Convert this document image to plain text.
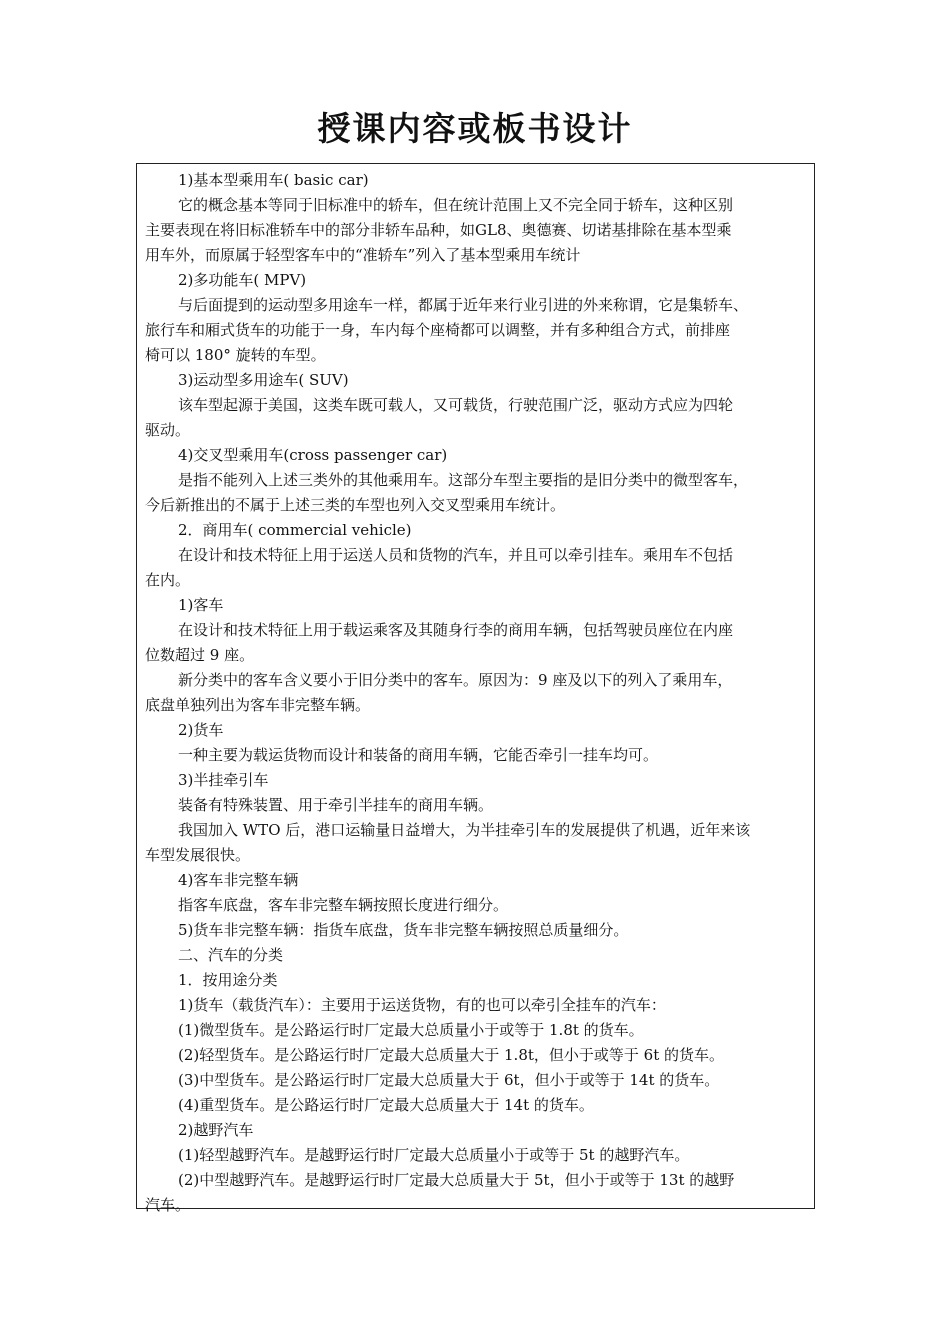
授课内容或板书设计
1)基本型乘用车( basic car)
它的概念基本等同于旧标准中的轿车，但在统计范围上又不完全同于轿车，这种区别
主要表现在将旧标准轿车中的部分非轿车品种，如GL8、奥德赛、切诺基排除在基本型乘
用车外，而原属于轻型客车中的“准轿车”列入了基本型乘用车统计
2)多功能车( MPV)
与后面提到的运动型多用途车一样，都属于近年来行业引进的外来称谓，它是集轿车、
旅行车和厢式货车的功能于一身，车内每个座椅都可以调整，并有多种组合方式，前排座
椅可以 180° 旋转的车型。
3)运动型多用途车( SUV)
该车型起源于美国，这类车既可载人，又可载货，行驶范围广泛，驱动方式应为四轮
驱动。
4)交叉型乘用车(cross passenger car)
是指不能列入上述三类外的其他乘用车。这部分车型主要指的是旧分类中的微型客车，
今后新推出的不属于上述三类的车型也列入交叉型乘用车统计。
2．商用车( commercial vehicle)
在设计和技术特征上用于运送人员和货物的汽车，并且可以牵引挂车。乘用车不包括
在内。
1)客车
在设计和技术特征上用于载运乘客及其随身行李的商用车辆，包括驾驶员座位在内座
位数超过 9 座。
新分类中的客车含义要小于旧分类中的客车。原因为：9 座及以下的列入了乘用车，
底盘单独列出为客车非完整车辆。
2)货车
一种主要为载运货物而设计和装备的商用车辆，它能否牵引一挂车均可。
3)半挂牵引车
装备有特殊装置、用于牵引半挂车的商用车辆。
我国加入 WTO 后，港口运输量日益增大，为半挂牵引车的发展提供了机遇，近年来该
车型发展很快。
4)客车非完整车辆
指客车底盘，客车非完整车辆按照长度进行细分。
5)货车非完整车辆：指货车底盘，货车非完整车辆按照总质量细分。
二、汽车的分类
1．按用途分类
1)货车（载货汽车）：主要用于运送货物，有的也可以牵引全挂车的汽车：
(1)微型货车。是公路运行时厂定最大总质量小于或等于 1.8t 的货车。
(2)轻型货车。是公路运行时厂定最大总质量大于 1.8t，但小于或等于 6t 的货车。
(3)中型货车。是公路运行时厂定最大总质量大于 6t，但小于或等于 14t 的货车。
(4)重型货车。是公路运行时厂定最大总质量大于 14t 的货车。
2)越野汽车
(1)轻型越野汽车。是越野运行时厂定最大总质量小于或等于 5t 的越野汽车。
(2)中型越野汽车。是越野运行时厂定最大总质量大于 5t，但小于或等于 13t 的越野
汽车。
